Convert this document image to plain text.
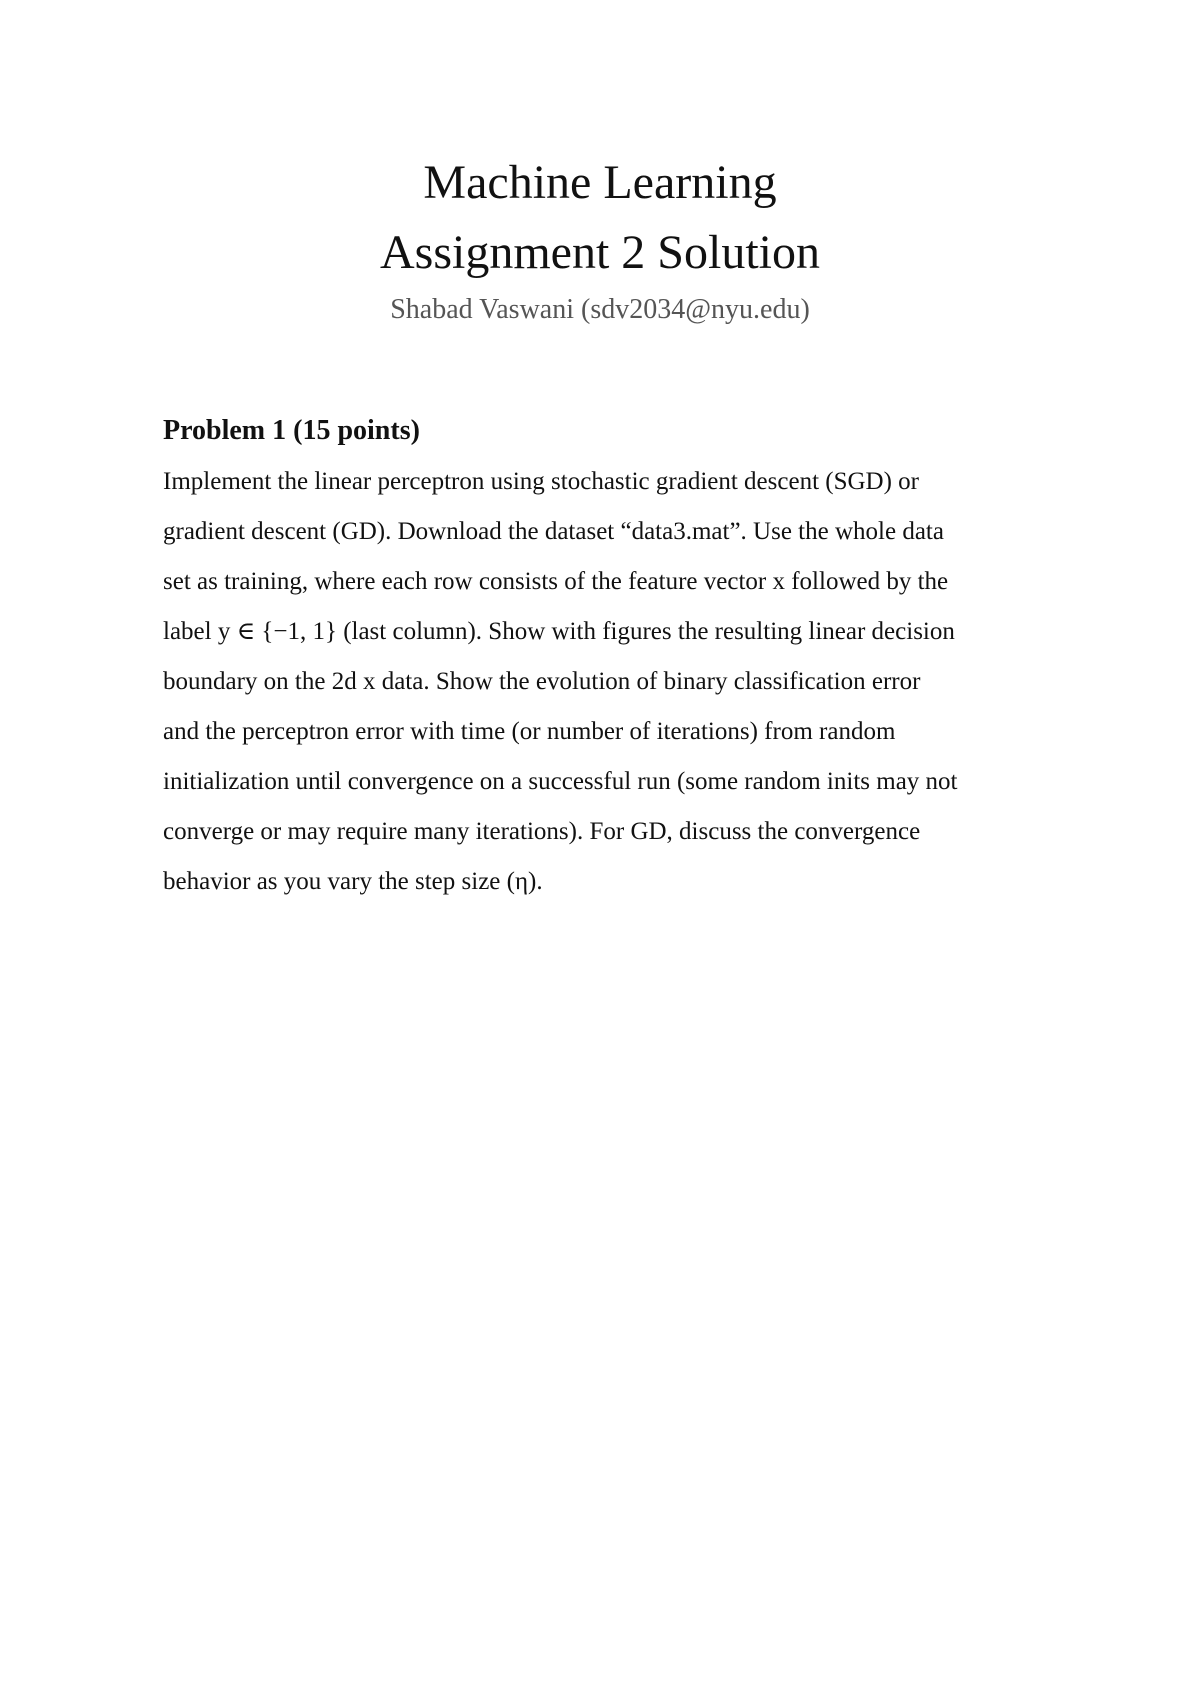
Machine Learning
Assignment 2 Solution
Shabad Vaswani (sdv2034@nyu.edu)
Problem 1 (15 points)
Implement the linear perceptron using stochastic gradient descent (SGD) or
gradient descent (GD). Download the dataset “data3.mat”. Use the whole data
set as training, where each row consists of the feature vector x followed by the
label y ∈ {−1, 1} (last column). Show with figures the resulting linear decision
boundary on the 2d x data. Show the evolution of binary classification error
and the perceptron error with time (or number of iterations) from random
initialization until convergence on a successful run (some random inits may not
converge or may require many iterations). For GD, discuss the convergence
behavior as you vary the step size (η).
